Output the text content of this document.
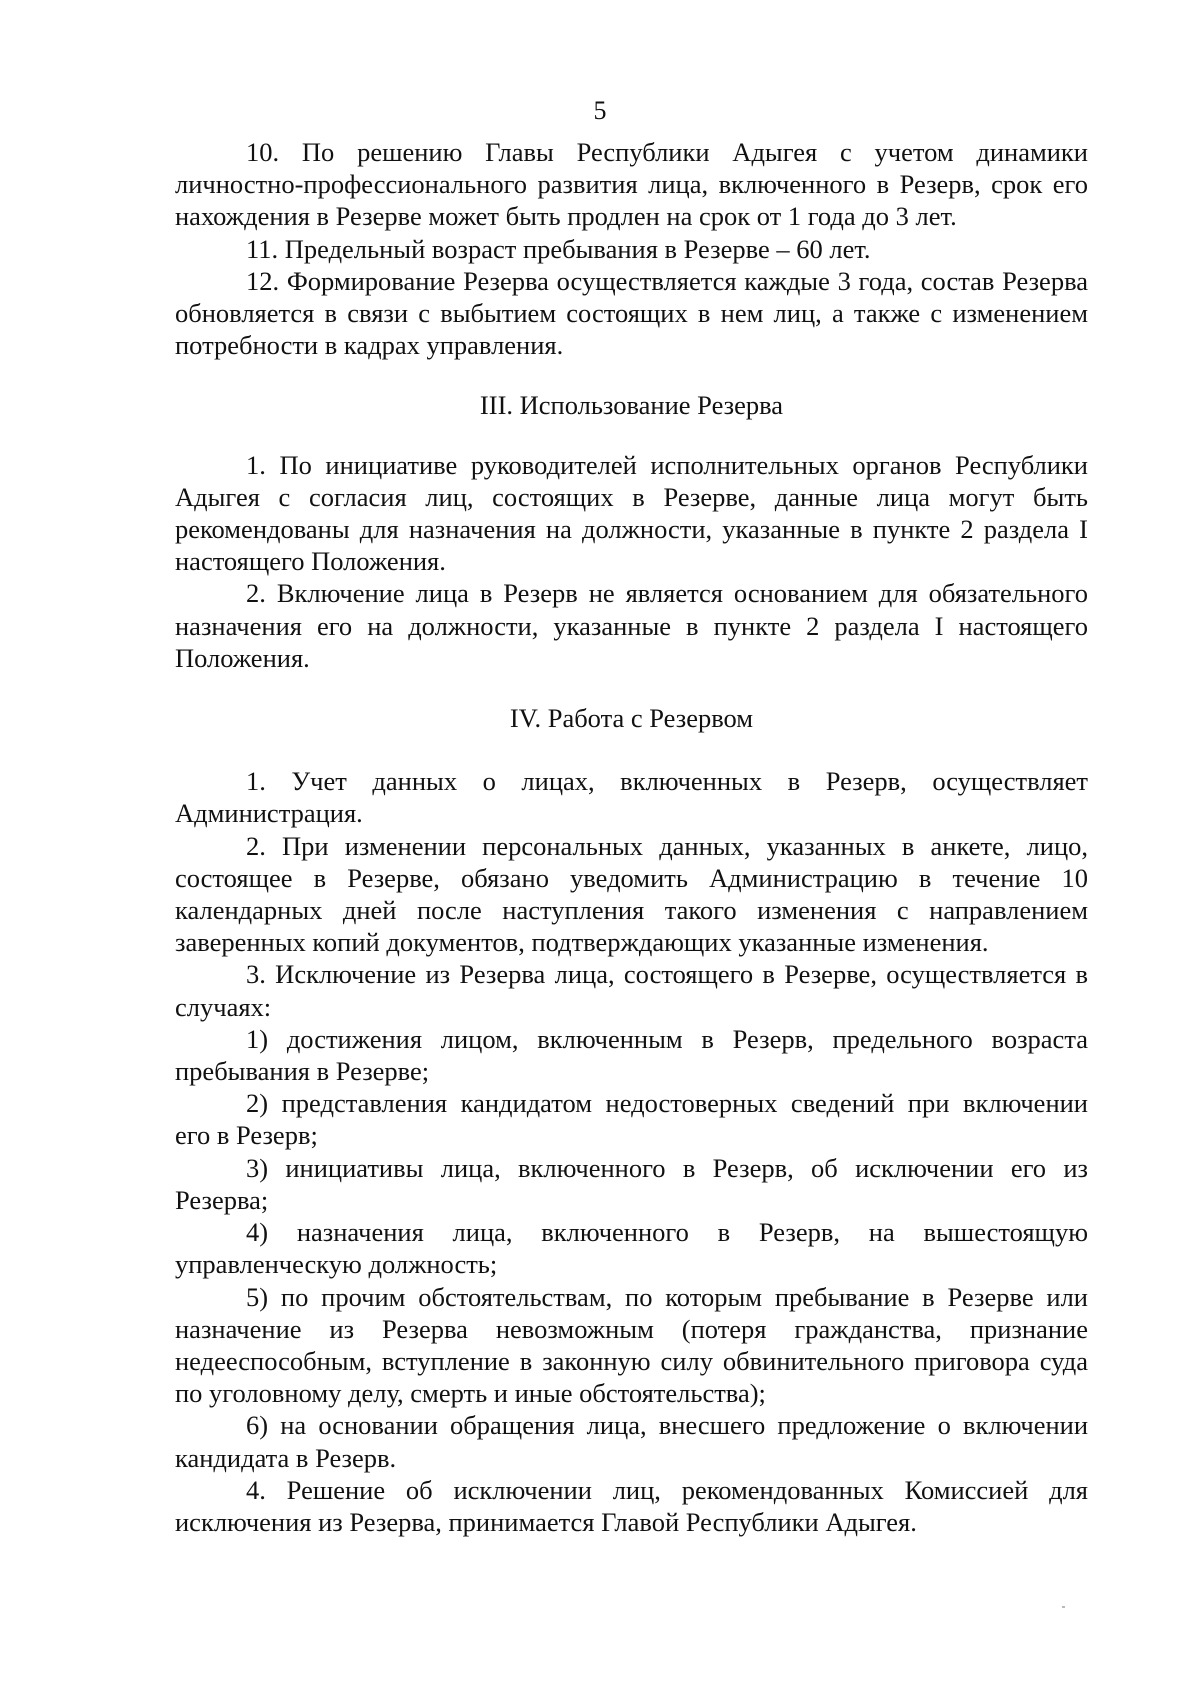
5

10. По решению Главы Республики Адыгея с учетом динамики личностно-профессионального развития лица, включенного в Резерв, срок его нахождения в Резерве может быть продлен на срок от 1 года до 3 лет.

11. Предельный возраст пребывания в Резерве – 60 лет.

12. Формирование Резерва осуществляется каждые 3 года, состав Резерва обновляется в связи с выбытием состоящих в нем лиц, а также с изменением потребности в кадрах управления.

III. Использование Резерва

1. По инициативе руководителей исполнительных органов Республики Адыгея с согласия лиц, состоящих в Резерве, данные лица могут быть рекомендованы для назначения на должности, указанные в пункте 2 раздела I настоящего Положения.

2. Включение лица в Резерв не является основанием для обязательного назначения его на должности, указанные в пункте 2 раздела I настоящего Положения.

IV. Работа с Резервом

1. Учет данных о лицах, включенных в Резерв, осуществляет Администрация.

2. При изменении персональных данных, указанных в анкете, лицо, состоящее в Резерве, обязано уведомить Администрацию в течение 10 календарных дней после наступления такого изменения с направлением заверенных копий документов, подтверждающих указанные изменения.

3. Исключение из Резерва лица, состоящего в Резерве, осуществляется в случаях:

1) достижения лицом, включенным в Резерв, предельного возраста пребывания в Резерве;

2) представления кандидатом недостоверных сведений при включении его в Резерв;

3) инициативы лица, включенного в Резерв, об исключении его из Резерва;

4) назначения лица, включенного в Резерв, на вышестоящую управленческую должность;

5) по прочим обстоятельствам, по которым пребывание в Резерве или назначение из Резерва невозможным (потеря гражданства, признание недееспособным, вступление в законную силу обвинительного приговора суда по уголовному делу, смерть и иные обстоятельства);

6) на основании обращения лица, внесшего предложение о включении кандидата в Резерв.

4. Решение об исключении лиц, рекомендованных Комиссией для исключения из Резерва, принимается Главой Республики Адыгея.
